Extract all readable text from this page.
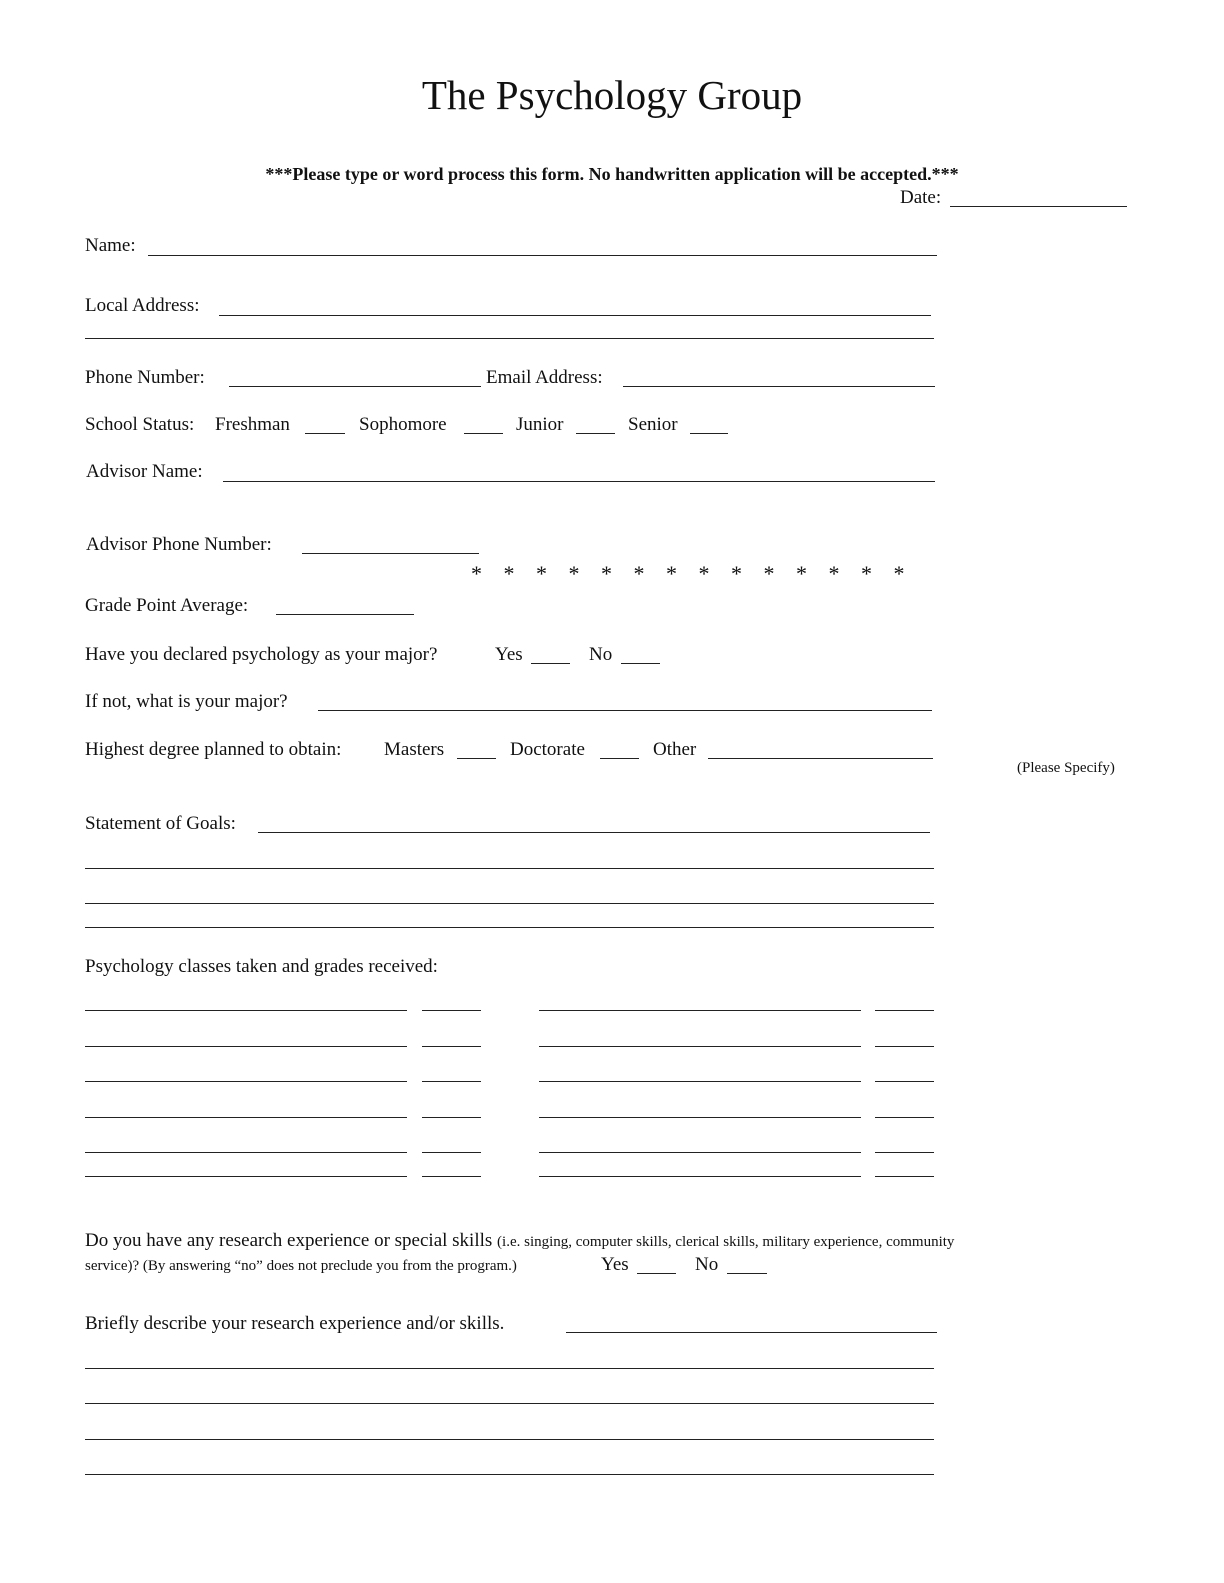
The Psychology Group
***Please type or word process this form. No handwritten application will be accepted.***
Date:
Name:
Local Address:
Phone Number:	Email Address:
School Status: Freshman	Sophomore	Junior	Senior
Advisor Name:
Advisor Phone Number:
* * * * * * * * * * * * * *
Grade Point Average:
Have you declared psychology as your major?	Yes	No
If not, what is your major?
Highest degree planned to obtain: Masters	Doctorate	Other
(Please Specify)
Statement of Goals:
Psychology classes taken and grades received:
Do you have any research experience or special skills (i.e. singing, computer skills, clerical skills, military experience, community
service)? (By answering “no” does not preclude you from the program.)	Yes	No
Briefly describe your research experience and/or skills.
